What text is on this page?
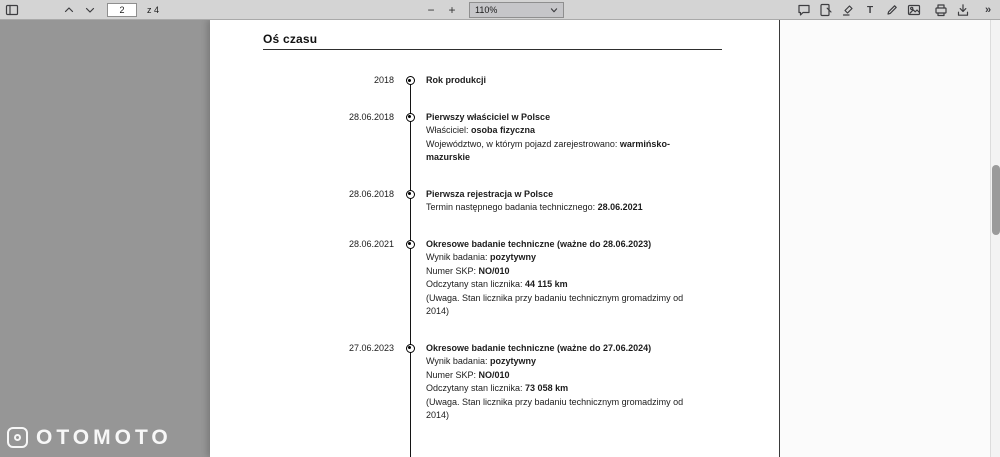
2
z 4	− + 110%	T	»
Oś czasu
2018	Rok produkcji
28.06.2018	Pierwszy właściciel w Polsce
Właściciel: osoba fizyczna
Województwo, w którym pojazd zarejestrowano: warmińsko-mazurskie
28.06.2018	Pierwsza rejestracja w Polsce
Termin następnego badania technicznego: 28.06.2021
28.06.2021	Okresowe badanie techniczne (ważne do 28.06.2023)
Wynik badania: pozytywny
Numer SKP: NO/010
Odczytany stan licznika: 44 115 km
(Uwaga. Stan licznika przy badaniu technicznym gromadzimy od 2014)
27.06.2023	Okresowe badanie techniczne (ważne do 27.06.2024)
Wynik badania: pozytywny
Numer SKP: NO/010
Odczytany stan licznika: 73 058 km
(Uwaga. Stan licznika przy badaniu technicznym gromadzimy od 2014)
OTOMOTO
